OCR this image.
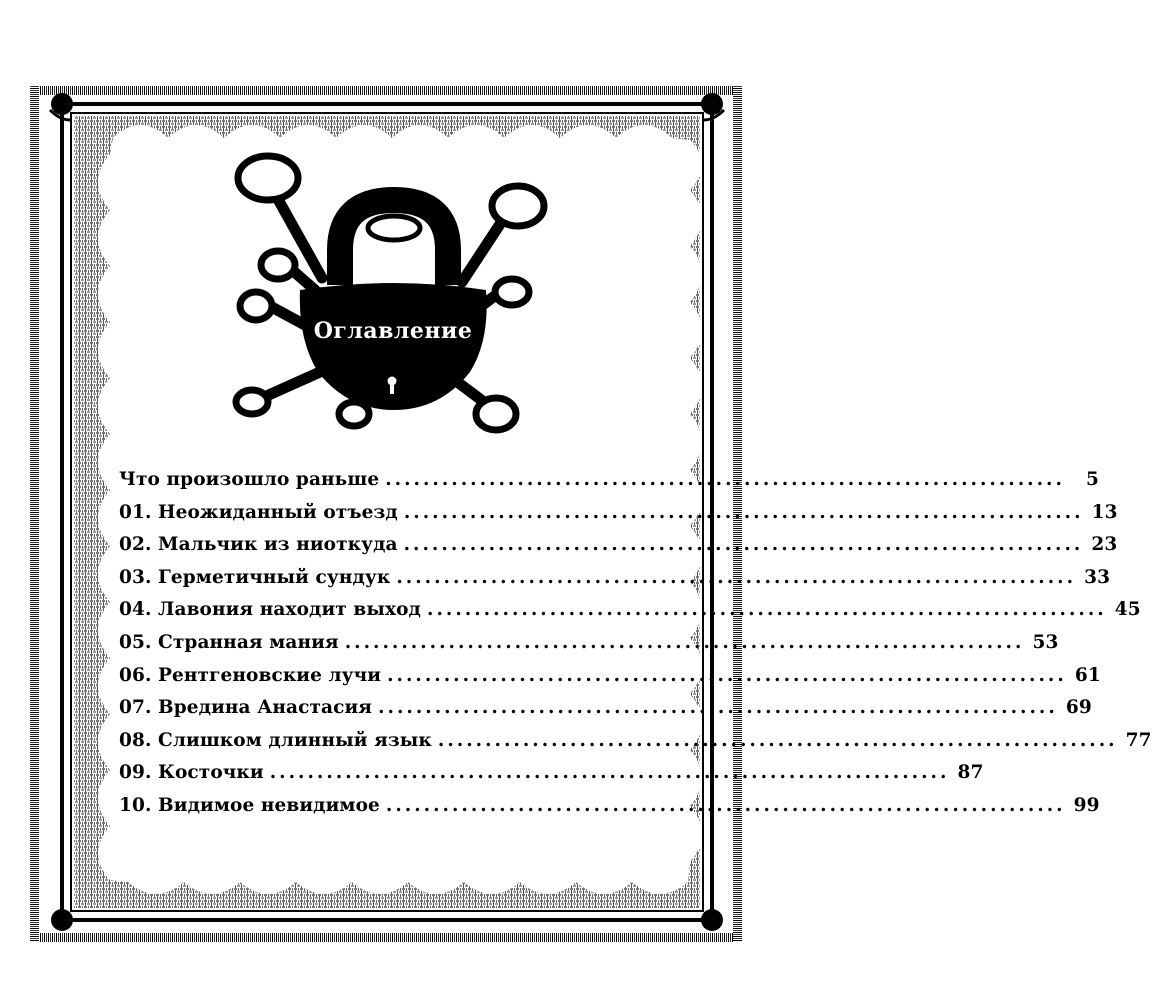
Оглавление
Что произошло раньше ........................................................................	5
01. Неожиданный отъезд ........................................................................ 13
02. Мальчик из ниоткуда ........................................................................ 23
03. Герметичный сундук ........................................................................ 33
04. Лавония находит выход ........................................................................ 45
05. Странная мания ........................................................................ 53
06. Рентгеновские лучи ........................................................................ 61
07. Вредина Анастасия ........................................................................ 69
08. Слишком длинный язык ........................................................................ 77
09. Косточки ........................................................................ 87
10. Видимое невидимое ........................................................................ 99
